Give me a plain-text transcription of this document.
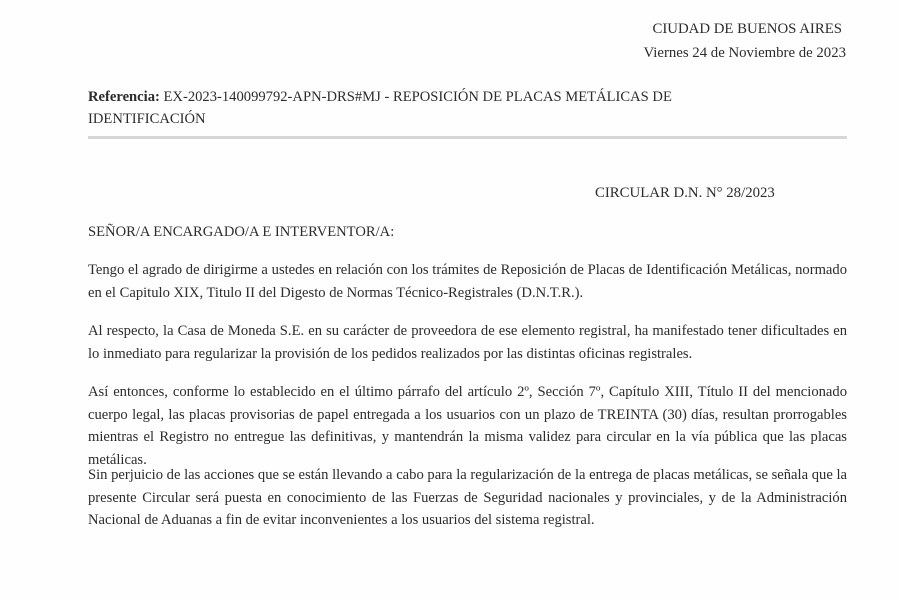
CIUDAD DE BUENOS AIRES
Viernes 24 de Noviembre de 2023
Referencia: EX-2023-140099792-APN-DRS#MJ - REPOSICIÓN DE PLACAS METÁLICAS DE IDENTIFICACIÓN
CIRCULAR D.N. N° 28/2023
SEÑOR/A ENCARGADO/A E INTERVENTOR/A:

Tengo el agrado de dirigirme a ustedes en relación con los trámites de Reposición de Placas de Identificación Metálicas, normado en el Capitulo XIX, Titulo II del Digesto de Normas Técnico-Registrales (D.N.T.R.).

Al respecto, la Casa de Moneda S.E. en su carácter de proveedora de ese elemento registral, ha manifestado tener dificultades en lo inmediato para regularizar la provisión de los pedidos realizados por las distintas oficinas registrales.

Así entonces, conforme lo establecido en el último párrafo del artículo 2º, Sección 7º, Capítulo XIII, Título II del mencionado cuerpo legal, las placas provisorias de papel entregada a los usuarios con un plazo de TREINTA (30) días, resultan prorrogables mientras el Registro no entregue las definitivas, y mantendrán la misma validez para circular en la vía pública que las placas metálicas.

Sin perjuicio de las acciones que se están llevando a cabo para la regularización de la entrega de placas metálicas, se señala que la presente Circular será puesta en conocimiento de las Fuerzas de Seguridad nacionales y provinciales, y de la Administración Nacional de Aduanas a fin de evitar inconvenientes a los usuarios del sistema registral.
